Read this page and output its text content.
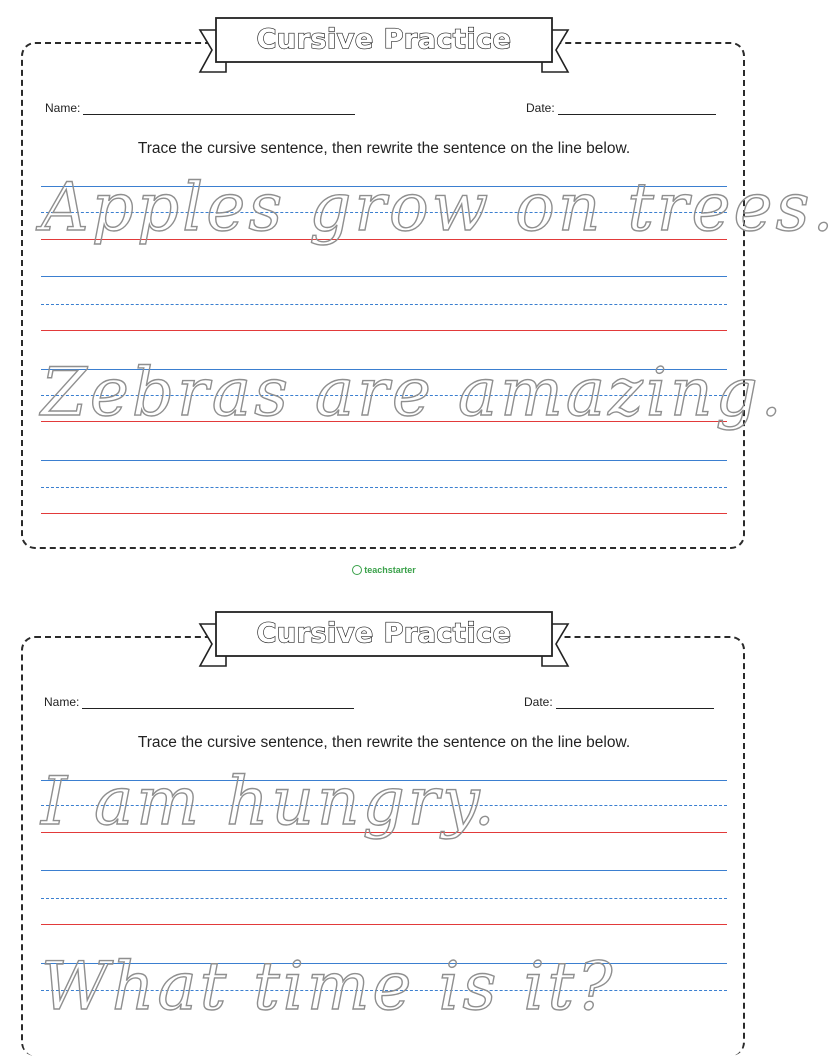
Cursive Practice
Name:	Date:
Trace the cursive sentence, then rewrite the sentence on the line below.
Apples grow on trees.
Zebras are amazing.
teachstarter
Cursive Practice
Name:	Date:
Trace the cursive sentence, then rewrite the sentence on the line below.
I am hungry.
What time is it?
